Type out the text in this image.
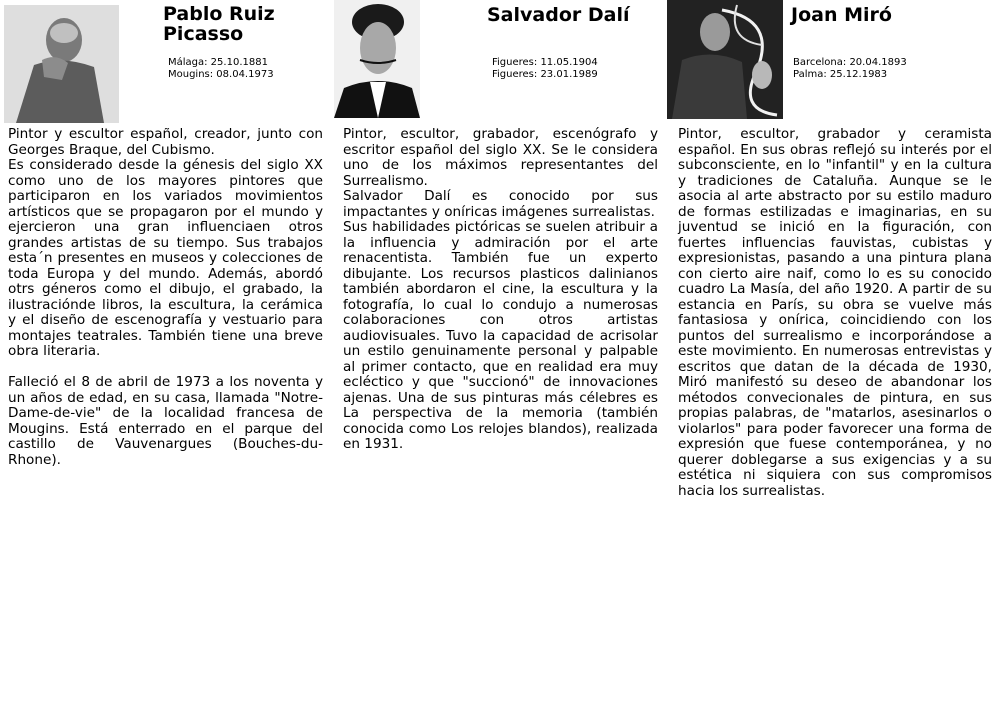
Pablo Ruiz
Picasso
Málaga: 25.10.1881
Mougins: 08.04.1973

Pintor y escultor español, creador, junto con Georges Braque, del Cubismo.

Es considerado desde la génesis del siglo XX como uno de los mayores pintores que participaron en los variados movimientos artísticos que se propagaron por el mundo y ejercieron una gran influenciaen otros grandes artistas de su tiempo. Sus trabajos esta´n presentes en museos y colecciones de toda Europa y del mundo. Además, abordó otrs géneros como el dibujo, el grabado, la ilustraciónde libros, la escultura, la cerámica y el diseño de escenografía y vestuario para montajes teatrales. También tiene una breve obra literaria.

Falleció el 8 de abril de 1973 a los noventa y un años de edad, en su casa, llamada "Notre-Dame-de-vie" de la localidad francesa de Mougins. Está enterrado en el parque del castillo de Vauvenargues (Bouches-du-Rhone).

Salvador Dalí
Figueres: 11.05.1904
Figueres: 23.01.1989

Pintor, escultor, grabador, escenógrafo y escritor español del siglo XX. Se le considera uno de los máximos representantes del Surrealismo.

Salvador Dalí es conocido por sus impactantes y oníricas imágenes surrealistas.

Sus habilidades pictóricas se suelen atribuir a la influencia y admiración por el arte renacentista. También fue un experto dibujante. Los recursos plasticos dalinianos también abordaron el cine, la escultura y la fotografía, lo cual lo condujo a numerosas colaboraciones con otros artistas audiovisuales. Tuvo la capacidad de acrisolar un estilo genuinamente personal y palpable al primer contacto, que en realidad era muy ecléctico y que "succionó" de innovaciones ajenas. Una de sus pinturas más célebres es La perspectiva de la memoria (también conocida como Los relojes blandos), realizada en 1931.

Joan Miró
Barcelona: 20.04.1893
Palma: 25.12.1983

Pintor, escultor, grabador y ceramista español. En sus obras reflejó su interés por el subconsciente, en lo "infantil" y en la cultura y tradiciones de Cataluña. Aunque se le asocia al arte abstracto por su estilo maduro de formas estilizadas e imaginarias, en su juventud se inició en la figuración, con fuertes influencias fauvistas, cubistas y expresionistas, pasando a una pintura plana con cierto aire naif, como lo es su conocido cuadro La Masía, del año 1920. A partir de su estancia en París, su obra se vuelve más fantasiosa y onírica, coincidiendo con los puntos del surrealismo e incorporándose a este movimiento. En numerosas entrevistas y escritos que datan de la década de 1930, Miró manifestó su deseo de abandonar los métodos convecionales de pintura, en sus propias palabras, de "matarlos, asesinarlos o violarlos" para poder favorecer una forma de expresión que fuese contemporánea, y no querer doblegarse a sus exigencias y a su estética ni siquiera con sus compromisos hacia los surrealistas.
